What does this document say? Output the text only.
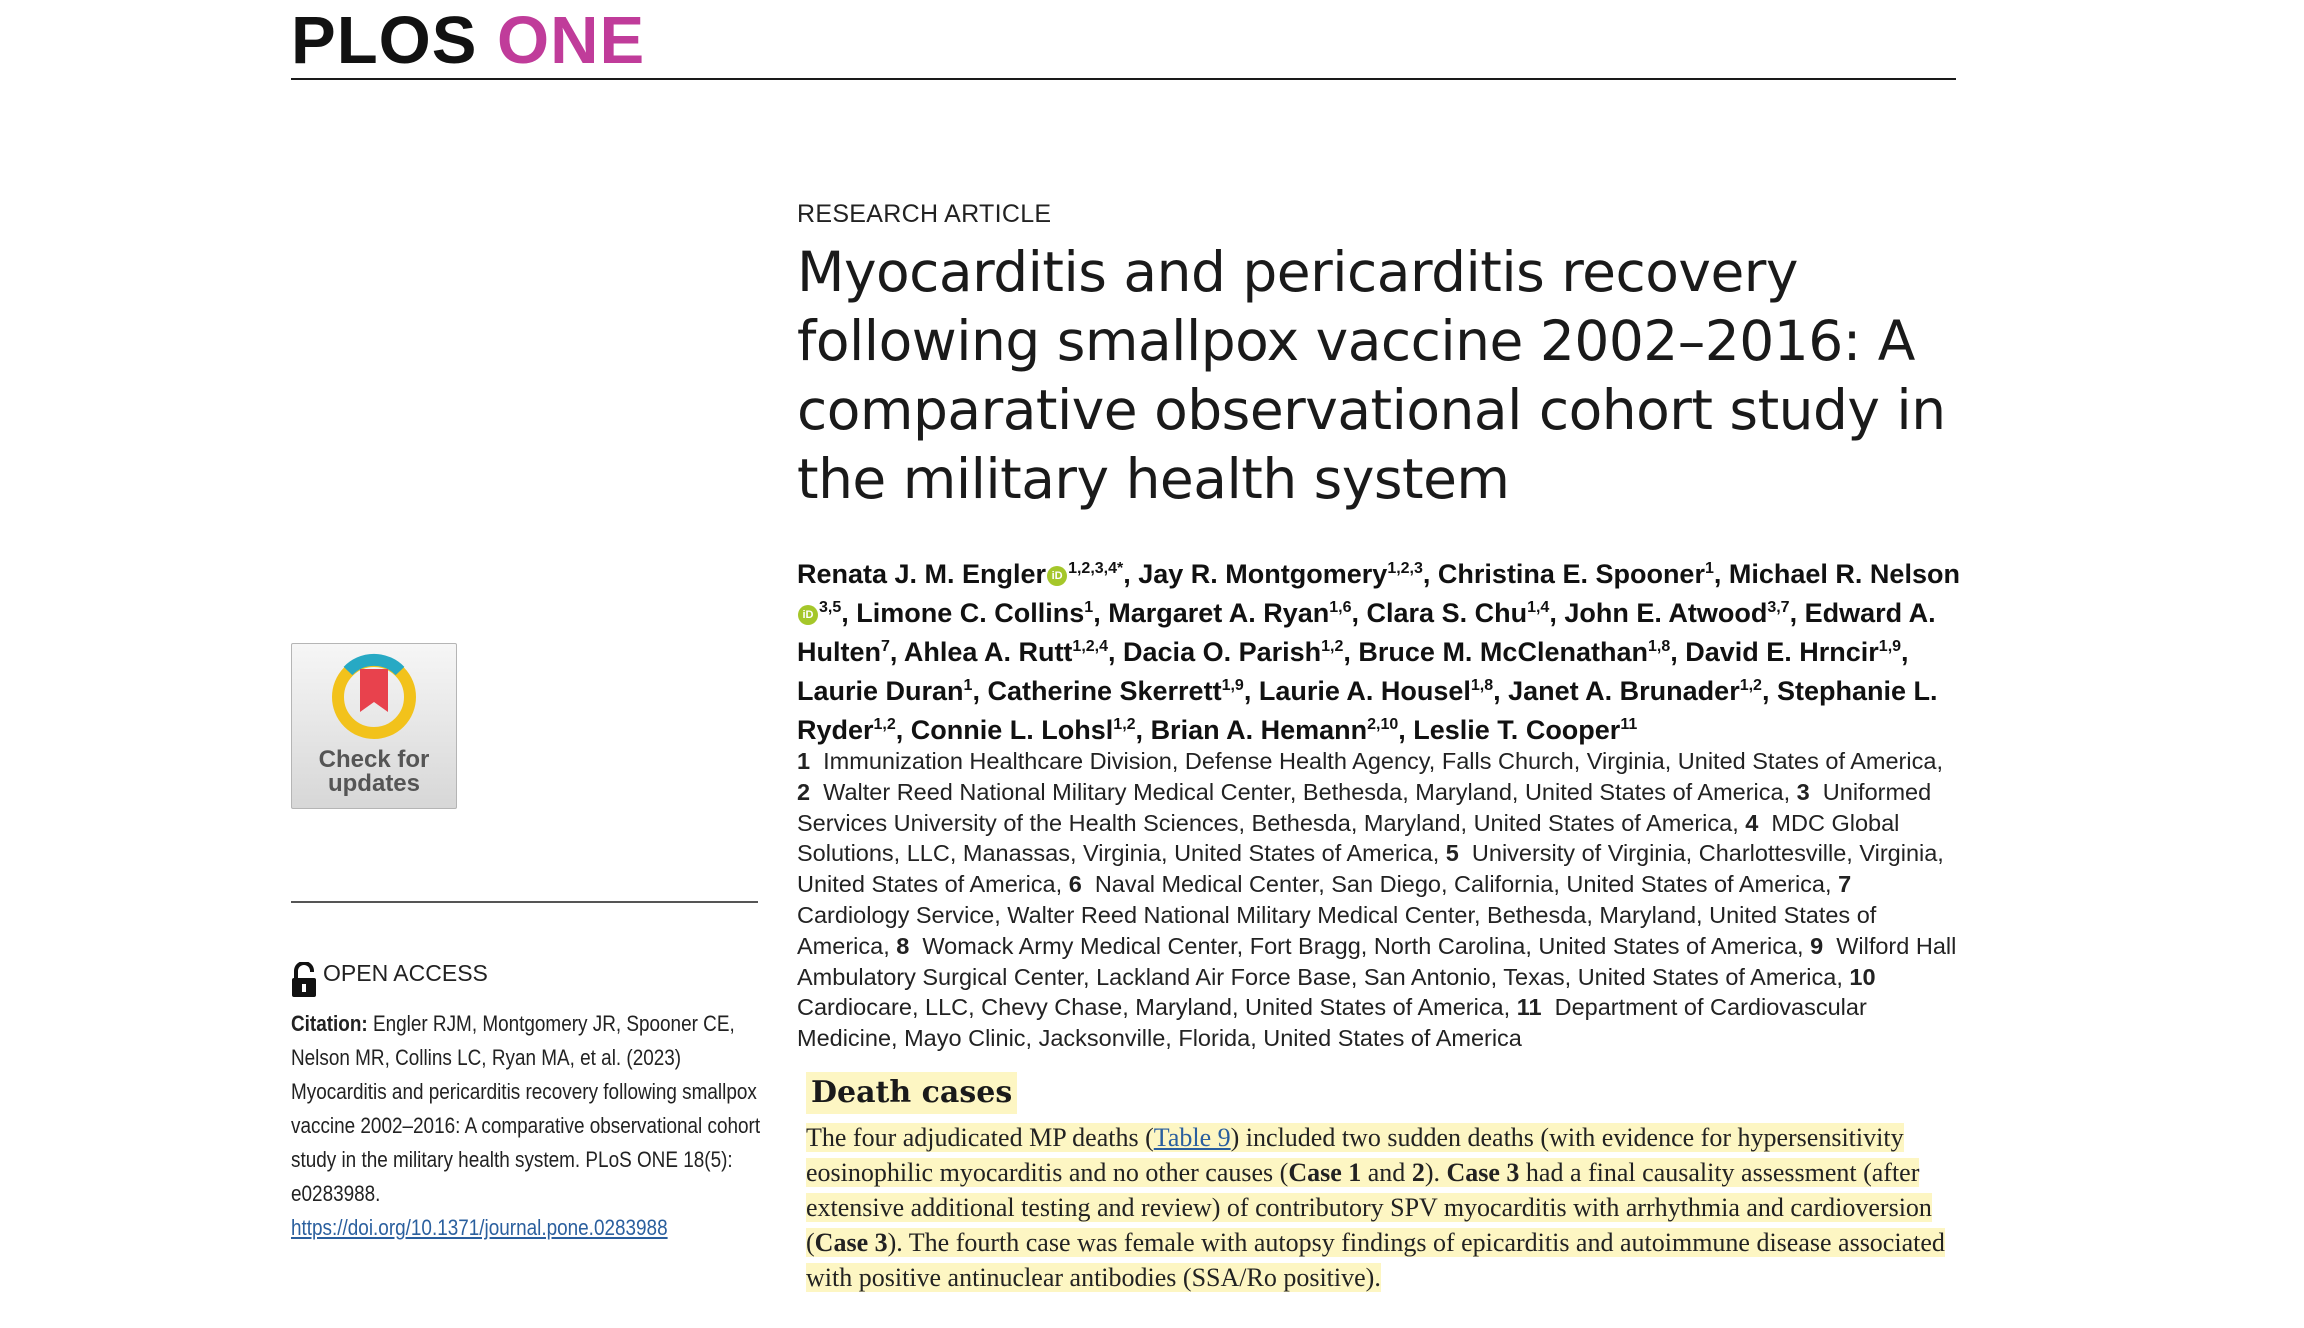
PLOS ONE
RESEARCH ARTICLE
Myocarditis and pericarditis recovery following smallpox vaccine 2002–2016: A comparative observational cohort study in the military health system
Renata J. M. Engler iD $^{1,2,3,4*}$, Jay R. Montgomery$^{1,2,3}$, Christina E. Spooner$^1$, Michael R. NelsoniD $^{3,5}$, Limone C. Collins$^1$, Margaret A. Ryan$^{1,6}$, Clara S. Chu$^{1,4}$, John E. Atwood$^{3,7}$, Edward A. Hulten$^7$, Ahlea A. Rutt$^{1,2,4}$, Dacia O. Parish$^{1,2}$, Bruce M. McClenathan$^{1,8}$, David E. Hrncir$^{1,9}$, Laurie Duran$^1$, Catherine Skerrett$^{1,9}$, Laurie A. Housel$^{1,8}$, Janet A. Brunader$^{1,2}$, Stephanie L. Ryder$^{1,2}$, Connie L. Lohsl$^{1,2}$, Brian A. Hemann$^{2,10}$, Leslie T. Cooper$^{11}$
1  Immunization Healthcare Division, Defense Health Agency, Falls Church, Virginia, United States of America, 2  Walter Reed National Military Medical Center, Bethesda, Maryland, United States of America, 3  Uniformed Services University of the Health Sciences, Bethesda, Maryland, United States of America, 4  MDC Global Solutions, LLC, Manassas, Virginia, United States of America, 5  University of Virginia, Charlottesville, Virginia, United States of America, 6  Naval Medical Center, San Diego, California, United States of America, 7  Cardiology Service, Walter Reed National Military Medical Center, Bethesda, Maryland, United States of America, 8  Womack Army Medical Center, Fort Bragg, North Carolina, United States of America, 9  Wilford Hall Ambulatory Surgical Center, Lackland Air Force Base, San Antonio, Texas, United States of America, 10  Cardiocare, LLC, Chevy Chase, Maryland, United States of America, 11  Department of Cardiovascular Medicine, Mayo Clinic, Jacksonville, Florida, United States of America
Death cases
The four adjudicated MP deaths (Table 9) included two sudden deaths (with evidence for hypersensitivity eosinophilic myocarditis and no other causes (Case 1 and 2). Case 3 had a final causality assessment (after extensive additional testing and review) of contributory SPV myocarditis with arrhythmia and cardioversion (Case 3). The fourth case was female with autopsy findings of epicarditis and autoimmune disease associated with positive antinuclear antibodies (SSA/Ro positive).
Check for
updates
OPEN ACCESS
Citation: Engler RJM, Montgomery JR, Spooner CE, Nelson MR, Collins LC, Ryan MA, et al. (2023) Myocarditis and pericarditis recovery following smallpox vaccine 2002–2016: A comparative observational cohort study in the military health system. PLoS ONE 18(5): e0283988. https://doi.org/10.1371/journal.pone.0283988
